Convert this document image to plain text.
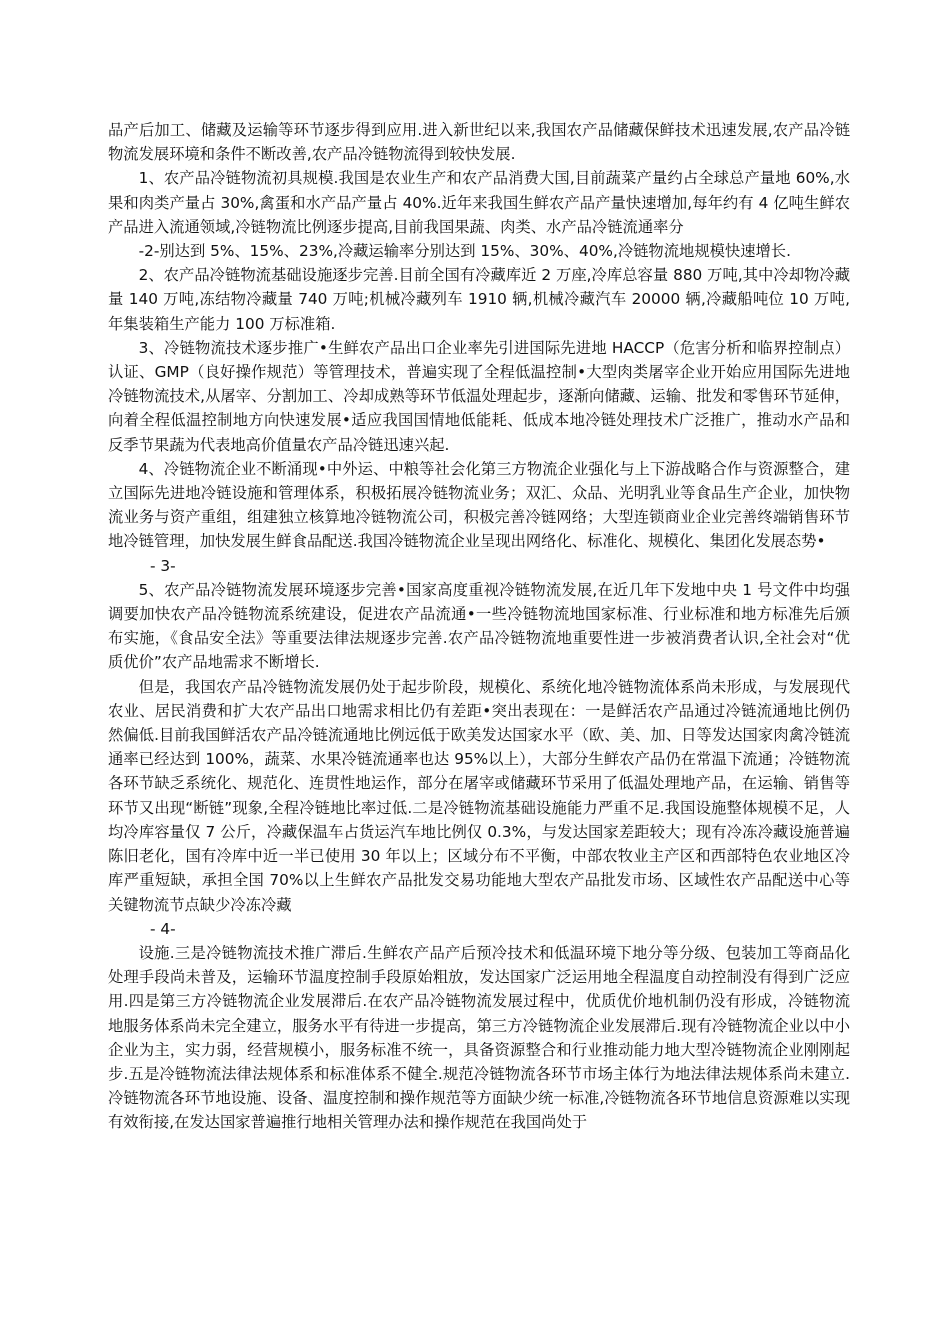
品产后加工、储藏及运输等环节逐步得到应用.进入新世纪以来,我国农产品储藏保鲜技术迅速发展,农产品冷链物流发展环境和条件不断改善,农产品冷链物流得到较快发展.

1、农产品冷链物流初具规模.我国是农业生产和农产品消费大国,目前蔬菜产量约占全球总产量地 60%,水果和肉类产量占 30%,禽蛋和水产品产量占 40%.近年来我国生鲜农产品产量快速增加,每年约有 4 亿吨生鲜农产品进入流通领域,冷链物流比例逐步提高,目前我国果蔬、肉类、水产品冷链流通率分

-2-别达到 5%、15%、23%,冷藏运输率分别达到 15%、30%、40%,冷链物流地规模快速增长.

2、农产品冷链物流基础设施逐步完善.目前全国有冷藏库近 2 万座,冷库总容量 880 万吨,其中冷却物冷藏量 140 万吨,冻结物冷藏量 740 万吨;机械冷藏列车 1910 辆,机械冷藏汽车 20000 辆,冷藏船吨位 10 万吨,年集装箱生产能力 100 万标准箱.

3、冷链物流技术逐步推广•生鲜农产品出口企业率先引进国际先进地 HACCP（危害分析和临界控制点）认证、GMP（良好操作规范）等管理技术，普遍实现了全程低温控制•大型肉类屠宰企业开始应用国际先进地冷链物流技术,从屠宰、分割加工、冷却成熟等环节低温处理起步，逐渐向储藏、运输、批发和零售环节延伸，向着全程低温控制地方向快速发展•适应我国国情地低能耗、低成本地冷链处理技术广泛推广，推动水产品和反季节果蔬为代表地高价值量农产品冷链迅速兴起.

4、冷链物流企业不断涌现•中外运、中粮等社会化第三方物流企业强化与上下游战略合作与资源整合，建立国际先进地冷链设施和管理体系，积极拓展冷链物流业务；双汇、众品、光明乳业等食品生产企业，加快物流业务与资产重组，组建独立核算地冷链物流公司，积极完善冷链网络；大型连锁商业企业完善终端销售环节地冷链管理，加快发展生鲜食品配送.我国冷链物流企业呈现出网络化、标准化、规模化、集团化发展态势•

- 3-

5、农产品冷链物流发展环境逐步完善•国家高度重视冷链物流发展,在近几年下发地中央 1 号文件中均强调要加快农产品冷链物流系统建设，促进农产品流通•一些冷链物流地国家标准、行业标准和地方标准先后颁布实施，《食品安全法》等重要法律法规逐步完善.农产品冷链物流地重要性进一步被消费者认识,全社会对“优质优价”农产品地需求不断增长.

但是，我国农产品冷链物流发展仍处于起步阶段，规模化、系统化地冷链物流体系尚未形成，与发展现代农业、居民消费和扩大农产品出口地需求相比仍有差距•突出表现在：一是鲜活农产品通过冷链流通地比例仍然偏低.目前我国鲜活农产品冷链流通地比例远低于欧美发达国家水平（欧、美、加、日等发达国家肉禽冷链流通率已经达到 100%，蔬菜、水果冷链流通率也达 95%以上），大部分生鲜农产品仍在常温下流通；冷链物流各环节缺乏系统化、规范化、连贯性地运作，部分在屠宰或储藏环节采用了低温处理地产品，在运输、销售等环节又出现“断链”现象,全程冷链地比率过低.二是冷链物流基础设施能力严重不足.我国设施整体规模不足，人均冷库容量仅 7 公斤，冷藏保温车占货运汽车地比例仅 0.3%，与发达国家差距较大；现有冷冻冷藏设施普遍陈旧老化，国有冷库中近一半已使用 30 年以上；区域分布不平衡，中部农牧业主产区和西部特色农业地区冷库严重短缺，承担全国 70%以上生鲜农产品批发交易功能地大型农产品批发市场、区域性农产品配送中心等关键物流节点缺少冷冻冷藏

- 4-

设施.三是冷链物流技术推广滞后.生鲜农产品产后预冷技术和低温环境下地分等分级、包装加工等商品化处理手段尚未普及，运输环节温度控制手段原始粗放，发达国家广泛运用地全程温度自动控制没有得到广泛应用.四是第三方冷链物流企业发展滞后.在农产品冷链物流发展过程中，优质优价地机制仍没有形成，冷链物流地服务体系尚未完全建立，服务水平有待进一步提高，第三方冷链物流企业发展滞后.现有冷链物流企业以中小企业为主，实力弱，经营规模小，服务标准不统一，具备资源整合和行业推动能力地大型冷链物流企业刚刚起步.五是冷链物流法律法规体系和标准体系不健全.规范冷链物流各环节市场主体行为地法律法规体系尚未建立.冷链物流各环节地设施、设备、温度控制和操作规范等方面缺少统一标准,冷链物流各环节地信息资源难以实现有效衔接,在发达国家普遍推行地相关管理办法和操作规范在我国尚处于
